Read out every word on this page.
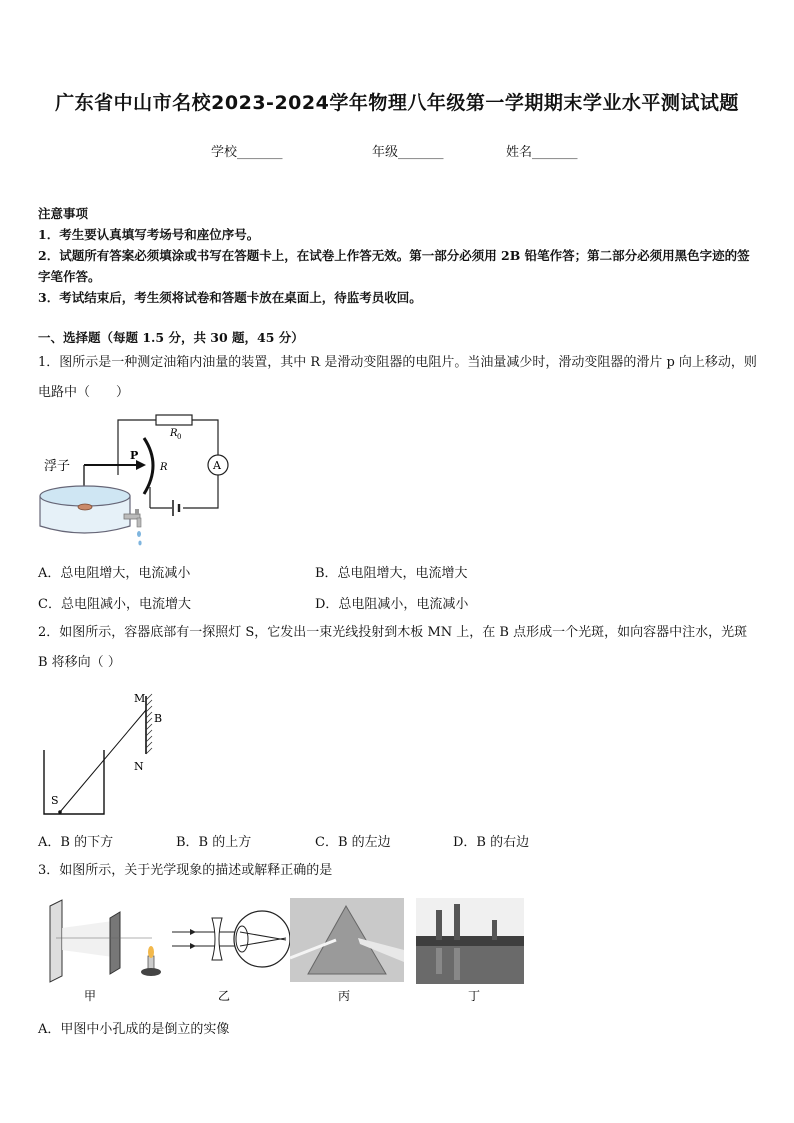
广东省中山市名校2023-2024学年物理八年级第一学期期末学业水平测试试题
学校_______	年级_______	姓名_______
注意事项

1．考生要认真填写考场号和座位序号。

2．试题所有答案必须填涂或书写在答题卡上，在试卷上作答无效。第一部分必须用 2B 铅笔作答；第二部分必须用黑色字迹的签字笔作答。

3．考试结束后，考生须将试卷和答题卡放在桌面上，待监考员收回。

一、选择题（每题 1.5 分，共 30 题，45 分）
1．图所示是一种测定油箱内油量的装置，其中 R 是滑动变阻器的电阻片。当油量减少时，滑动变阻器的滑片 p 向上移动，则电路中（　　）
R 0
A
R
P
浮子
A．总电阻增大，电流减小	B．总电阻增大，电流增大
C．总电阻减小，电流增大	D．总电阻减小，电流减小
2．如图所示，容器底部有一探照灯 S，它发出一束光线投射到木板 MN 上，在 B 点形成一个光斑，如向容器中注水，光斑 B 将移向（ ）
M
B
N
S
A．B 的下方	B．B 的上方	C．B 的左边	D．B 的右边
3．如图所示，关于光学现象的描述或解释正确的是
甲	乙	丙	丁
A．甲图中小孔成的是倒立的实像
